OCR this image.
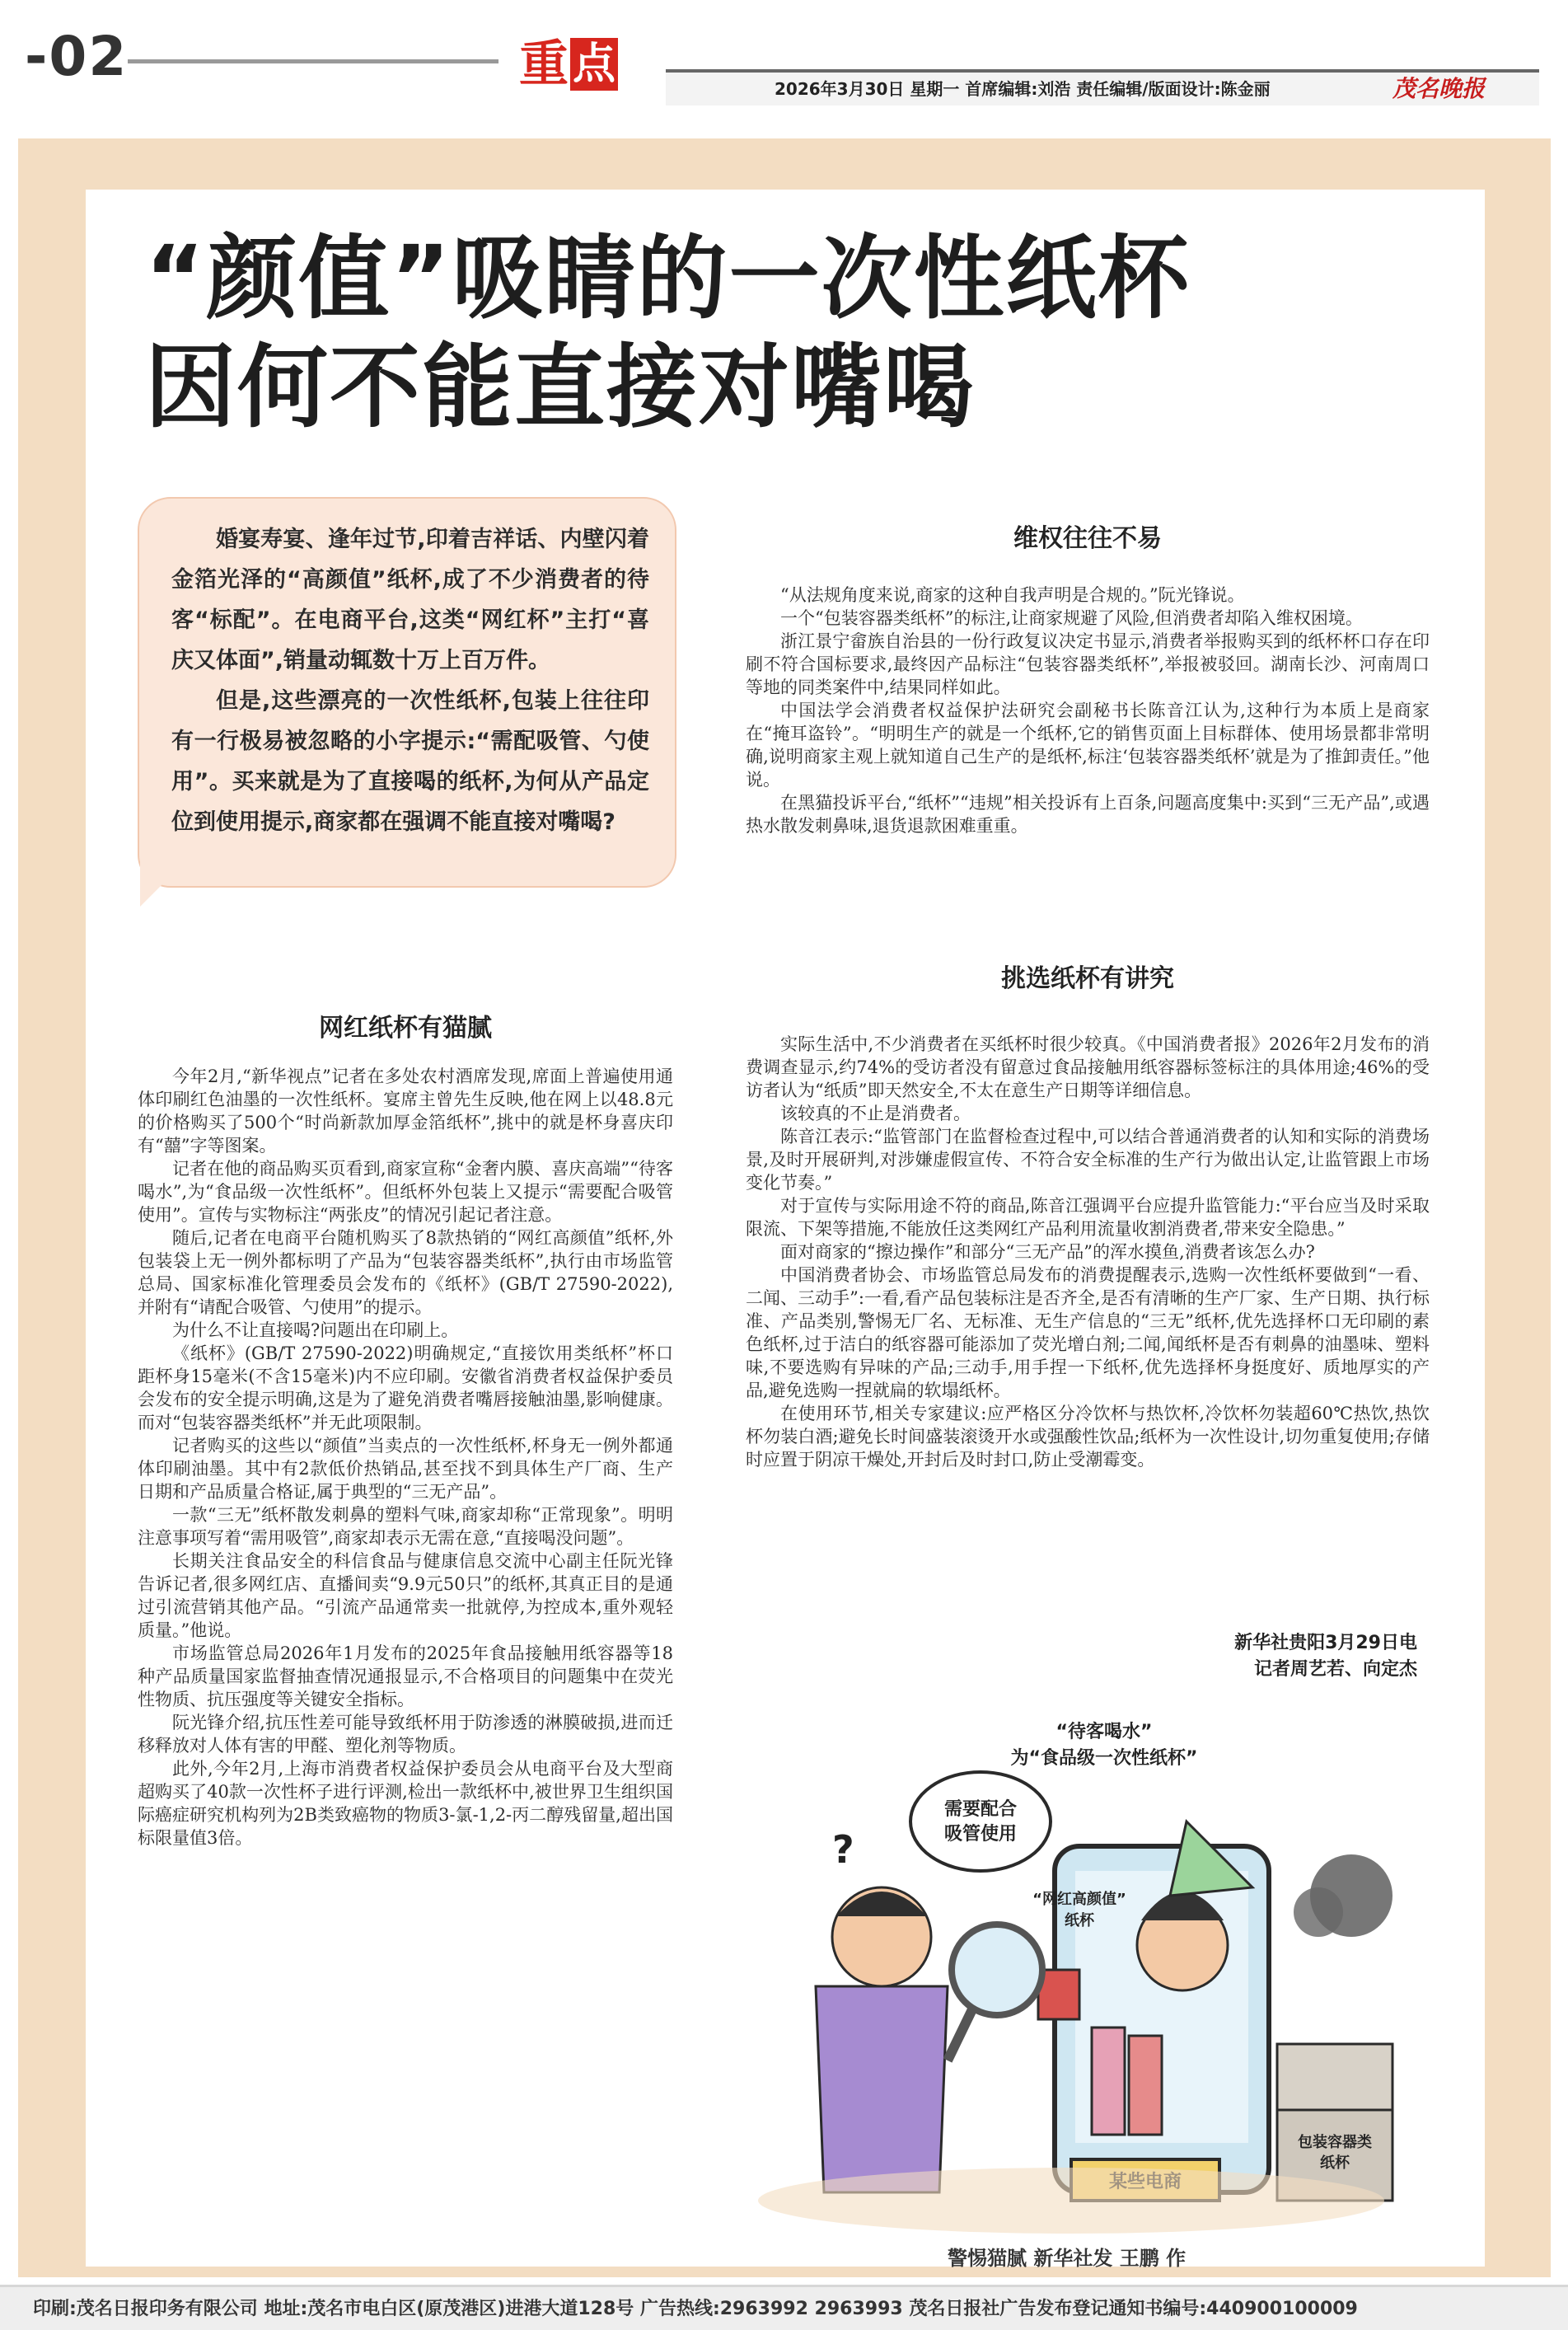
-02	重 点	2026年3月30日 星期一 首席编辑:刘浩 责任编辑/版面设计:陈金丽	茂名晚报
“颜值”吸睛的一次性纸杯
因何不能直接对嘴喝

婚宴寿宴、逢年过节,印着吉祥话、内壁闪着金箔光泽的“高颜值”纸杯,成了不少消费者的待客“标配”。在电商平台,这类“网红杯”主打“喜庆又体面”,销量动辄数十万上百万件。

但是,这些漂亮的一次性纸杯,包装上往往印有一行极易被忽略的小字提示:“需配吸管、勺使用”。买来就是为了直接喝的纸杯,为何从产品定位到使用提示,商家都在强调不能直接对嘴喝?

网红纸杯有猫腻

今年2月,“新华视点”记者在多处农村酒席发现,席面上普遍使用通体印刷红色油墨的一次性纸杯。宴席主曾先生反映,他在网上以48.8元的价格购买了500个“时尚新款加厚金箔纸杯”,挑中的就是杯身喜庆印有“囍”字等图案。

记者在他的商品购买页看到,商家宣称“金奢内膜、喜庆高端”“待客喝水”,为“食品级一次性纸杯”。但纸杯外包装上又提示“需要配合吸管使用”。宣传与实物标注“两张皮”的情况引起记者注意。

随后,记者在电商平台随机购买了8款热销的“网红高颜值”纸杯,外包装袋上无一例外都标明了产品为“包装容器类纸杯”,执行由市场监管总局、国家标准化管理委员会发布的《纸杯》(GB/T 27590-2022),并附有“请配合吸管、勺使用”的提示。

为什么不让直接喝?问题出在印刷上。

《纸杯》(GB/T 27590-2022)明确规定,“直接饮用类纸杯”杯口距杯身15毫米(不含15毫米)内不应印刷。安徽省消费者权益保护委员会发布的安全提示明确,这是为了避免消费者嘴唇接触油墨,影响健康。而对“包装容器类纸杯”并无此项限制。

记者购买的这些以“颜值”当卖点的一次性纸杯,杯身无一例外都通体印刷油墨。其中有2款低价热销品,甚至找不到具体生产厂商、生产日期和产品质量合格证,属于典型的“三无产品”。

一款“三无”纸杯散发刺鼻的塑料气味,商家却称“正常现象”。明明注意事项写着“需用吸管”,商家却表示无需在意,“直接喝没问题”。

长期关注食品安全的科信食品与健康信息交流中心副主任阮光锋告诉记者,很多网红店、直播间卖“9.9元50只”的纸杯,其真正目的是通过引流营销其他产品。“引流产品通常卖一批就停,为控成本,重外观轻质量。”他说。

市场监管总局2026年1月发布的2025年食品接触用纸容器等18种产品质量国家监督抽查情况通报显示,不合格项目的问题集中在荧光性物质、抗压强度等关键安全指标。

阮光锋介绍,抗压性差可能导致纸杯用于防渗透的淋膜破损,进而迁移释放对人体有害的甲醛、塑化剂等物质。

此外,今年2月,上海市消费者权益保护委员会从电商平台及大型商超购买了40款一次性杯子进行评测,检出一款纸杯中,被世界卫生组织国际癌症研究机构列为2B类致癌物的物质3-氯-1,2-丙二醇残留量,超出国标限量值3倍。

维权往往不易

“从法规角度来说,商家的这种自我声明是合规的。”阮光锋说。

一个“包装容器类纸杯”的标注,让商家规避了风险,但消费者却陷入维权困境。

浙江景宁畲族自治县的一份行政复议决定书显示,消费者举报购买到的纸杯杯口存在印刷不符合国标要求,最终因产品标注“包装容器类纸杯”,举报被驳回。湖南长沙、河南周口等地的同类案件中,结果同样如此。

中国法学会消费者权益保护法研究会副秘书长陈音江认为,这种行为本质上是商家在“掩耳盗铃”。“明明生产的就是一个纸杯,它的销售页面上目标群体、使用场景都非常明确,说明商家主观上就知道自己生产的是纸杯,标注‘包装容器类纸杯’就是为了推卸责任。”他说。

在黑猫投诉平台,“纸杯”“违规”相关投诉有上百条,问题高度集中:买到“三无产品”,或遇热水散发刺鼻味,退货退款困难重重。

挑选纸杯有讲究

实际生活中,不少消费者在买纸杯时很少较真。《中国消费者报》2026年2月发布的消费调查显示,约74%的受访者没有留意过食品接触用纸容器标签标注的具体用途;46%的受访者认为“纸质”即天然安全,不太在意生产日期等详细信息。

该较真的不止是消费者。

陈音江表示:“监管部门在监督检查过程中,可以结合普通消费者的认知和实际的消费场景,及时开展研判,对涉嫌虚假宣传、不符合安全标准的生产行为做出认定,让监管跟上市场变化节奏。”

对于宣传与实际用途不符的商品,陈音江强调平台应提升监管能力:“平台应当及时采取限流、下架等措施,不能放任这类网红产品利用流量收割消费者,带来安全隐患。”

面对商家的“擦边操作”和部分“三无产品”的浑水摸鱼,消费者该怎么办?

中国消费者协会、市场监管总局发布的消费提醒表示,选购一次性纸杯要做到“一看、二闻、三动手”:一看,看产品包装标注是否齐全,是否有清晰的生产厂家、生产日期、执行标准、产品类别,警惕无厂名、无标准、无生产信息的“三无”纸杯,优先选择杯口无印刷的素色纸杯,过于洁白的纸容器可能添加了荧光增白剂;二闻,闻纸杯是否有刺鼻的油墨味、塑料味,不要选购有异味的产品;三动手,用手捏一下纸杯,优先选择杯身挺度好、质地厚实的产品,避免选购一捏就扁的软塌纸杯。

在使用环节,相关专家建议:应严格区分冷饮杯与热饮杯,冷饮杯勿装超60℃热饮,热饮杯勿装白酒;避免长时间盛装滚烫开水或强酸性饮品;纸杯为一次性设计,切勿重复使用;存储时应置于阴凉干燥处,开封后及时封口,防止受潮霉变。

新华社贵阳3月29日电
记者周艺若、向定杰
“待客喝水”
为“食品级一次性纸杯”
“网红高颜值”
纸杯
包装容器类
纸杯
需要配合
吸管使用
?
警惕猫腻 新华社发 王鹏 作
印刷:茂名日报印务有限公司 地址:茂名市电白区(原茂港区)进港大道128号 广告热线:2963992 2963993 茂名日报社广告发布登记通知书编号:440900100009
